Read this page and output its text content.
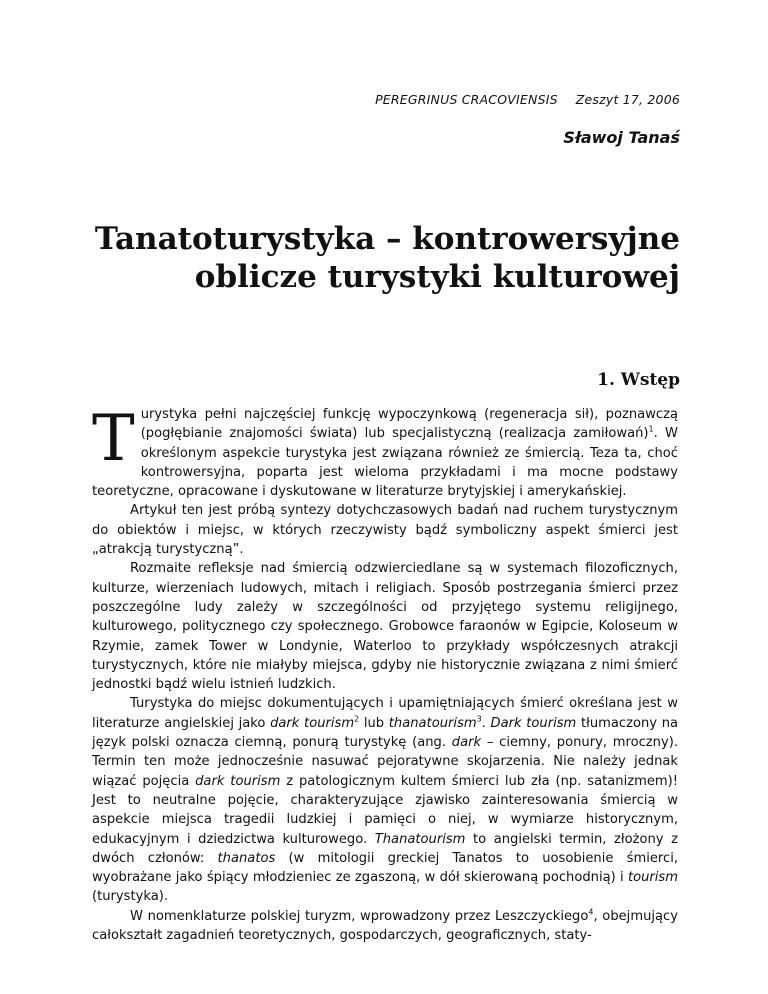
PEREGRINUS CRACOVIENSIS Zeszyt 17, 2006
Sławoj Tanaś
Tanatoturystyka – kontrowersyjne
oblicze turystyki kulturowej
1. Wstęp

Turystyka pełni najczęściej funkcję wypoczynkową (regeneracja sił), poznawczą (pogłębianie znajomości świata) lub specjalistyczną (realizacja zamiłowań)$^1$. W określonym aspekcie turystyka jest związana również ze śmiercią. Teza ta, choć kontrowersyjna, poparta jest wieloma przykładami i ma mocne podstawy teoretyczne, opracowane i dyskutowane w literaturze brytyjskiej i amerykańskiej.

Artykuł ten jest próbą syntezy dotychczasowych badań nad ruchem turystycznym do obiektów i miejsc, w których rzeczywisty bądź symboliczny aspekt śmierci jest „atrakcją turystyczną”.

Rozmaite refleksje nad śmiercią odzwierciedlane są w systemach filozoficznych, kulturze, wierzeniach ludowych, mitach i religiach. Sposób postrzegania śmierci przez poszczególne ludy zależy w szczególności od przyjętego systemu religijnego, kulturowego, politycznego czy społecznego. Grobowce faraonów w Egipcie, Koloseum w Rzymie, zamek Tower w Londynie, Waterloo to przykłady współczesnych atrakcji turystycznych, które nie miałyby miejsca, gdyby nie historycznie związana z nimi śmierć jednostki bądź wielu istnień ludzkich.

Turystyka do miejsc dokumentujących i upamiętniających śmierć określana jest w literaturze angielskiej jako dark tourism$^2$ lub thanatourism$^3$. Dark tourism tłumaczony na język polski oznacza ciemną, ponurą turystykę (ang. dark – ciemny, ponury, mroczny). Termin ten może jednocześnie nasuwać pejoratywne skojarzenia. Nie należy jednak wiązać pojęcia dark tourism z patologicznym kultem śmierci lub zła (np. satanizmem)! Jest to neutralne pojęcie, charakteryzujące zjawisko zainteresowania śmiercią w aspekcie miejsca tragedii ludzkiej i pamięci o niej, w wymiarze historycznym, edukacyjnym i dziedzictwa kulturowego. Thanatourism to angielski termin, złożony z dwóch członów: thanatos (w mitologii greckiej Tanatos to uosobienie śmierci, wyobrażane jako śpiący młodzieniec ze zgaszoną, w dół skierowaną pochodnią) i tourism (turystyka).

W nomenklaturze polskiej turyzm, wprowadzony przez Leszczyckiego$^4$, obejmujący całokształt zagadnień teoretycznych, gospodarczych, geograficznych, staty-
